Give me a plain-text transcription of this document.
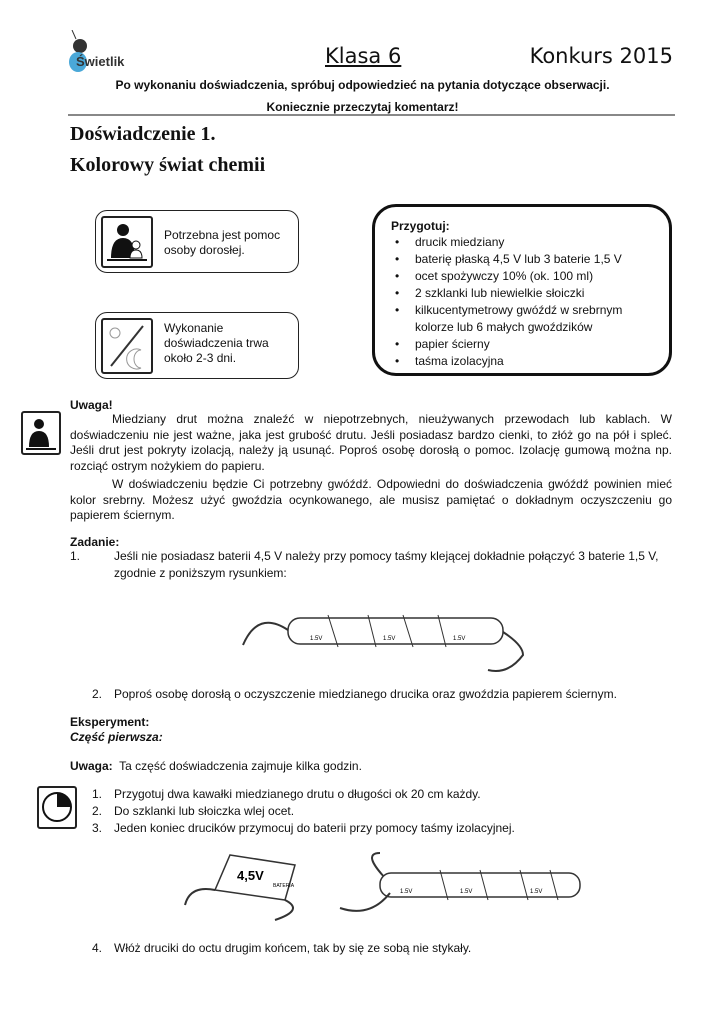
Świetlik	Klasa 6	Konkurs 2015
Po wykonaniu doświadczenia, spróbuj odpowiedzieć na pytania dotyczące obserwacji.
Koniecznie przeczytaj komentarz!
Doświadczenie 1.
Kolorowy świat chemii
Potrzebna jest pomoc osoby dorosłej.
Wykonanie doświadczenia trwa około 2-3 dni.
Przygotuj:
• drucik miedziany
• baterię płaską 4,5 V lub 3 baterie 1,5 V
• ocet spożywczy 10% (ok. 100 ml)
• 2 szklanki lub niewielkie słoiczki
• kilkucentymetrowy gwóźdź w srebrnym kolorze lub 6 małych gwoździków
• papier ścierny
• taśma izolacyjna
Uwaga!
Miedziany drut można znaleźć w niepotrzebnych, nieużywanych przewodach lub kablach. W doświadczeniu nie jest ważne, jaka jest grubość drutu. Jeśli posiadasz bardzo cienki, to złóż go na pół i spleć. Jeśli drut jest pokryty izolacją, należy ją usunąć. Poproś osobę dorosłą o pomoc. Izolację gumową można np. rozciąć ostrym nożykiem do papieru.
W doświadczeniu będzie Ci potrzebny gwóźdź. Odpowiedni do doświadczenia gwóźdź powinien mieć kolor srebrny. Możesz użyć gwoździa ocynkowanego, ale musisz pamiętać o dokładnym oczyszczeniu go papierem ściernym.
Zadanie:
1.	Jeśli nie posiadasz baterii 4,5 V należy przy pomocy taśmy klejącej dokładnie połączyć 3 baterie 1,5 V, zgodnie z poniższym rysunkiem:
1.5V	1.5V	1.5V
2. Poproś osobę dorosłą o oczyszczenie miedzianego drucika oraz gwoździa papierem ściernym.
Eksperyment:
Część pierwsza:
Uwaga: Ta część doświadczenia zajmuje kilka godzin.
1. Przygotuj dwa kawałki miedzianego drutu o długości ok 20 cm każdy.
2. Do szklanki lub słoiczka wlej ocet.
3. Jeden koniec drucików przymocuj do baterii przy pomocy taśmy izolacyjnej.
4,5V
BATERIA
1.5V	1.5V	1.5V
4. Włóż druciki do octu drugim końcem, tak by się ze sobą nie stykały.
